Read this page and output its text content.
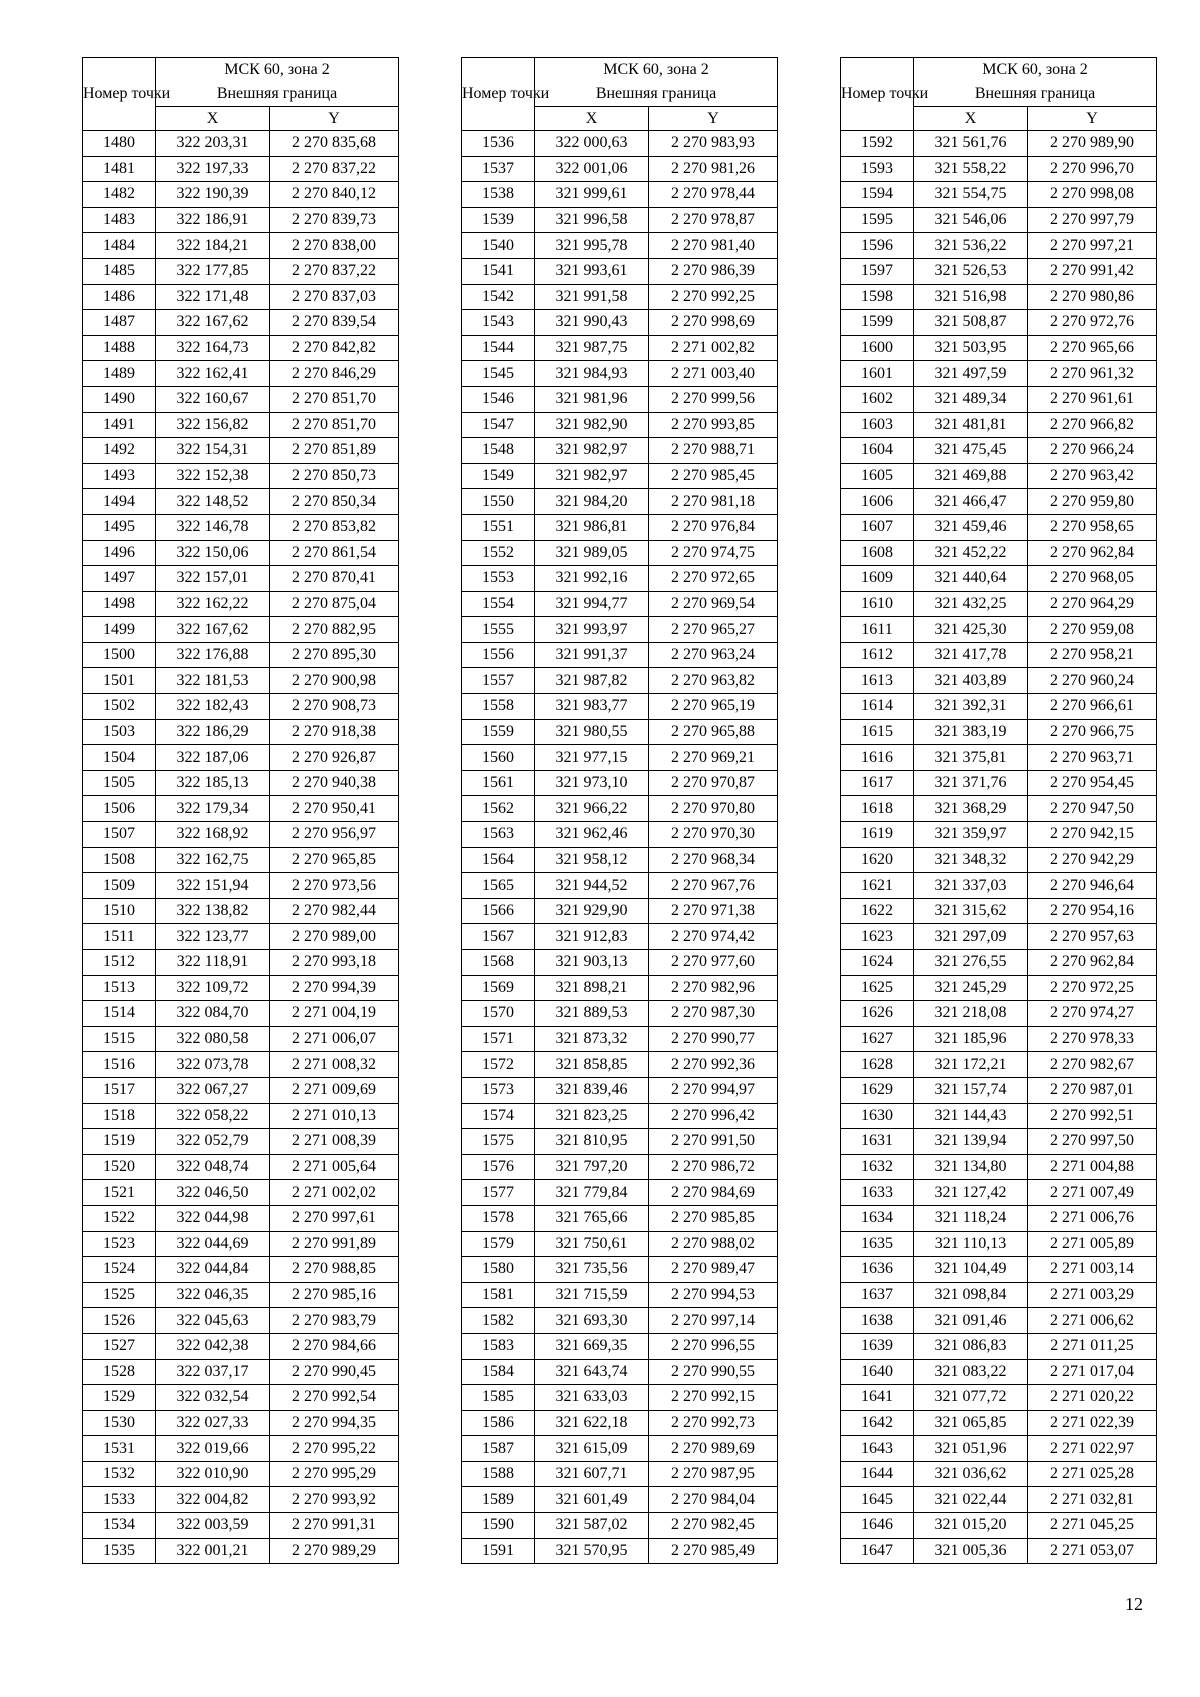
Номер точки	МСК 60, зона 2
Внешняя граница	

	X	Y
1480	322 203,31	2 270 835,68
1481	322 197,33	2 270 837,22
1482	322 190,39	2 270 840,12
1483	322 186,91	2 270 839,73
1484	322 184,21	2 270 838,00
1485	322 177,85	2 270 837,22
1486	322 171,48	2 270 837,03
1487	322 167,62	2 270 839,54
1488	322 164,73	2 270 842,82
1489	322 162,41	2 270 846,29
1490	322 160,67	2 270 851,70
1491	322 156,82	2 270 851,70
1492	322 154,31	2 270 851,89
1493	322 152,38	2 270 850,73
1494	322 148,52	2 270 850,34
1495	322 146,78	2 270 853,82
1496	322 150,06	2 270 861,54
1497	322 157,01	2 270 870,41
1498	322 162,22	2 270 875,04
1499	322 167,62	2 270 882,95
1500	322 176,88	2 270 895,30
1501	322 181,53	2 270 900,98
1502	322 182,43	2 270 908,73
1503	322 186,29	2 270 918,38
1504	322 187,06	2 270 926,87
1505	322 185,13	2 270 940,38
1506	322 179,34	2 270 950,41
1507	322 168,92	2 270 956,97
1508	322 162,75	2 270 965,85
1509	322 151,94	2 270 973,56
1510	322 138,82	2 270 982,44
1511	322 123,77	2 270 989,00
1512	322 118,91	2 270 993,18
1513	322 109,72	2 270 994,39
1514	322 084,70	2 271 004,19
1515	322 080,58	2 271 006,07
1516	322 073,78	2 271 008,32
1517	322 067,27	2 271 009,69
1518	322 058,22	2 271 010,13
1519	322 052,79	2 271 008,39
1520	322 048,74	2 271 005,64
1521	322 046,50	2 271 002,02
1522	322 044,98	2 270 997,61
1523	322 044,69	2 270 991,89
1524	322 044,84	2 270 988,85
1525	322 046,35	2 270 985,16
1526	322 045,63	2 270 983,79
1527	322 042,38	2 270 984,66
1528	322 037,17	2 270 990,45
1529	322 032,54	2 270 992,54
1530	322 027,33	2 270 994,35
1531	322 019,66	2 270 995,22
1532	322 010,90	2 270 995,29
1533	322 004,82	2 270 993,92
1534	322 003,59	2 270 991,31
1535	322 001,21	2 270 989,29
Номер точки	МСК 60, зона 2
Внешняя граница	

	X	Y
1536	322 000,63	2 270 983,93
1537	322 001,06	2 270 981,26
1538	321 999,61	2 270 978,44
1539	321 996,58	2 270 978,87
1540	321 995,78	2 270 981,40
1541	321 993,61	2 270 986,39
1542	321 991,58	2 270 992,25
1543	321 990,43	2 270 998,69
1544	321 987,75	2 271 002,82
1545	321 984,93	2 271 003,40
1546	321 981,96	2 270 999,56
1547	321 982,90	2 270 993,85
1548	321 982,97	2 270 988,71
1549	321 982,97	2 270 985,45
1550	321 984,20	2 270 981,18
1551	321 986,81	2 270 976,84
1552	321 989,05	2 270 974,75
1553	321 992,16	2 270 972,65
1554	321 994,77	2 270 969,54
1555	321 993,97	2 270 965,27
1556	321 991,37	2 270 963,24
1557	321 987,82	2 270 963,82
1558	321 983,77	2 270 965,19
1559	321 980,55	2 270 965,88
1560	321 977,15	2 270 969,21
1561	321 973,10	2 270 970,87
1562	321 966,22	2 270 970,80
1563	321 962,46	2 270 970,30
1564	321 958,12	2 270 968,34
1565	321 944,52	2 270 967,76
1566	321 929,90	2 270 971,38
1567	321 912,83	2 270 974,42
1568	321 903,13	2 270 977,60
1569	321 898,21	2 270 982,96
1570	321 889,53	2 270 987,30
1571	321 873,32	2 270 990,77
1572	321 858,85	2 270 992,36
1573	321 839,46	2 270 994,97
1574	321 823,25	2 270 996,42
1575	321 810,95	2 270 991,50
1576	321 797,20	2 270 986,72
1577	321 779,84	2 270 984,69
1578	321 765,66	2 270 985,85
1579	321 750,61	2 270 988,02
1580	321 735,56	2 270 989,47
1581	321 715,59	2 270 994,53
1582	321 693,30	2 270 997,14
1583	321 669,35	2 270 996,55
1584	321 643,74	2 270 990,55
1585	321 633,03	2 270 992,15
1586	321 622,18	2 270 992,73
1587	321 615,09	2 270 989,69
1588	321 607,71	2 270 987,95
1589	321 601,49	2 270 984,04
1590	321 587,02	2 270 982,45
1591	321 570,95	2 270 985,49
Номер точки	МСК 60, зона 2
Внешняя граница	

	X	Y
1592	321 561,76	2 270 989,90
1593	321 558,22	2 270 996,70
1594	321 554,75	2 270 998,08
1595	321 546,06	2 270 997,79
1596	321 536,22	2 270 997,21
1597	321 526,53	2 270 991,42
1598	321 516,98	2 270 980,86
1599	321 508,87	2 270 972,76
1600	321 503,95	2 270 965,66
1601	321 497,59	2 270 961,32
1602	321 489,34	2 270 961,61
1603	321 481,81	2 270 966,82
1604	321 475,45	2 270 966,24
1605	321 469,88	2 270 963,42
1606	321 466,47	2 270 959,80
1607	321 459,46	2 270 958,65
1608	321 452,22	2 270 962,84
1609	321 440,64	2 270 968,05
1610	321 432,25	2 270 964,29
1611	321 425,30	2 270 959,08
1612	321 417,78	2 270 958,21
1613	321 403,89	2 270 960,24
1614	321 392,31	2 270 966,61
1615	321 383,19	2 270 966,75
1616	321 375,81	2 270 963,71
1617	321 371,76	2 270 954,45
1618	321 368,29	2 270 947,50
1619	321 359,97	2 270 942,15
1620	321 348,32	2 270 942,29
1621	321 337,03	2 270 946,64
1622	321 315,62	2 270 954,16
1623	321 297,09	2 270 957,63
1624	321 276,55	2 270 962,84
1625	321 245,29	2 270 972,25
1626	321 218,08	2 270 974,27
1627	321 185,96	2 270 978,33
1628	321 172,21	2 270 982,67
1629	321 157,74	2 270 987,01
1630	321 144,43	2 270 992,51
1631	321 139,94	2 270 997,50
1632	321 134,80	2 271 004,88
1633	321 127,42	2 271 007,49
1634	321 118,24	2 271 006,76
1635	321 110,13	2 271 005,89
1636	321 104,49	2 271 003,14
1637	321 098,84	2 271 003,29
1638	321 091,46	2 271 006,62
1639	321 086,83	2 271 011,25
1640	321 083,22	2 271 017,04
1641	321 077,72	2 271 020,22
1642	321 065,85	2 271 022,39
1643	321 051,96	2 271 022,97
1644	321 036,62	2 271 025,28
1645	321 022,44	2 271 032,81
1646	321 015,20	2 271 045,25
1647	321 005,36	2 271 053,07
12
